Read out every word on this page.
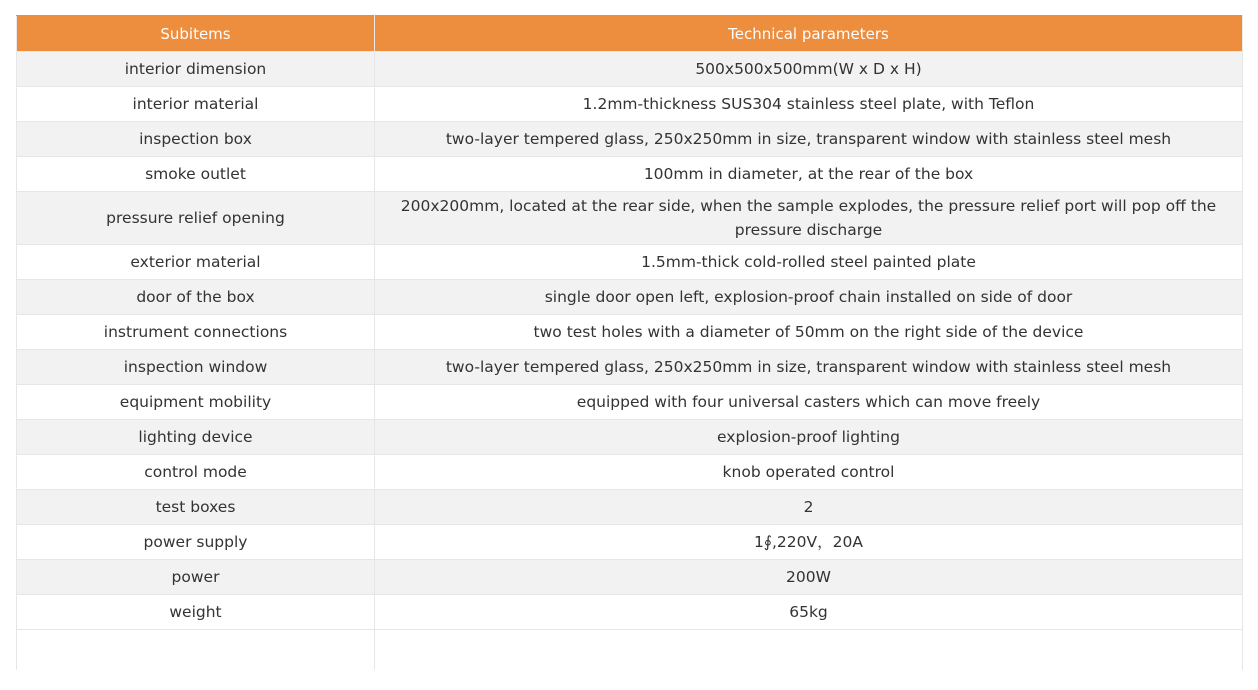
Subitems	Technical parameters
interior dimension	500x500x500mm(W x D x H)
interior material	1.2mm-thickness SUS304 stainless steel plate, with Teflon
inspection box	two-layer tempered glass, 250x250mm in size, transparent window with stainless steel mesh
smoke outlet	100mm in diameter, at the rear of the box
pressure relief opening	200x200mm, located at the rear side, when the sample explodes, the pressure relief port will pop off the pressure discharge
exterior material	1.5mm-thick cold-rolled steel painted plate
door of the box	single door open left, explosion-proof chain installed on side of door
instrument connections	two test holes with a diameter of 50mm on the right side of the device
inspection window	two-layer tempered glass, 250x250mm in size, transparent window with stainless steel mesh
equipment mobility	equipped with four universal casters which can move freely
lighting device	explosion-proof lighting
control mode	knob operated control
test boxes	2
power supply	1∮,220V，20A
power	200W
weight	65kg
